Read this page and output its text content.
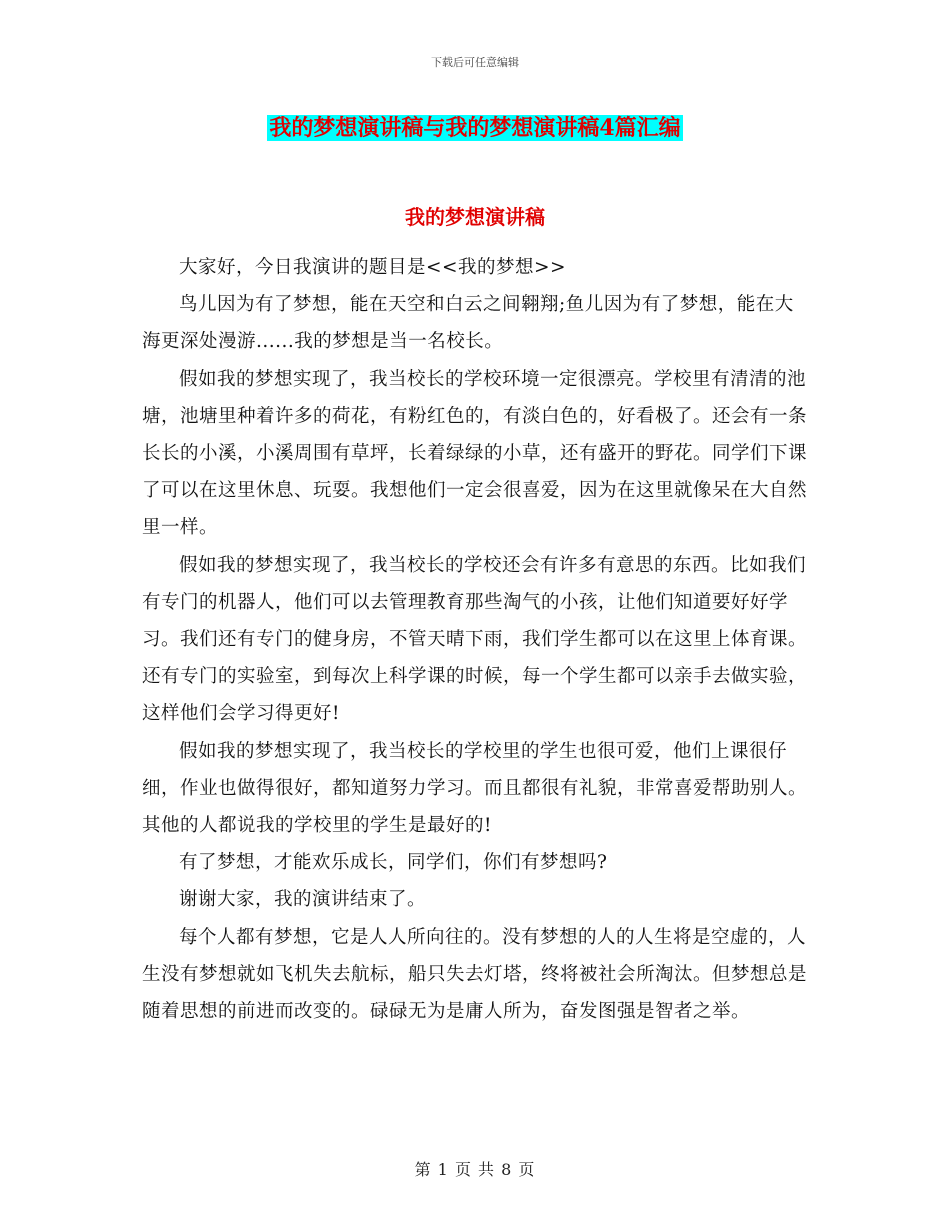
下载后可任意编辑
我的梦想演讲稿与我的梦想演讲稿4篇汇编
我的梦想演讲稿

大家好，今日我演讲的题目是<<我的梦想>>

鸟儿因为有了梦想，能在天空和白云之间翱翔;鱼儿因为有了梦想，能在大海更深处漫游......我的梦想是当一名校长。

假如我的梦想实现了，我当校长的学校环境一定很漂亮。学校里有清清的池塘，池塘里种着许多的荷花，有粉红色的，有淡白色的，好看极了。还会有一条长长的小溪，小溪周围有草坪，长着绿绿的小草，还有盛开的野花。同学们下课了可以在这里休息、玩耍。我想他们一定会很喜爱，因为在这里就像呆在大自然里一样。

假如我的梦想实现了，我当校长的学校还会有许多有意思的东西。比如我们有专门的机器人，他们可以去管理教育那些淘气的小孩，让他们知道要好好学习。我们还有专门的健身房，不管天晴下雨，我们学生都可以在这里上体育课。还有专门的实验室，到每次上科学课的时候，每一个学生都可以亲手去做实验，这样他们会学习得更好!

假如我的梦想实现了，我当校长的学校里的学生也很可爱，他们上课很仔细，作业也做得很好，都知道努力学习。而且都很有礼貌，非常喜爱帮助别人。其他的人都说我的学校里的学生是最好的!

有了梦想，才能欢乐成长，同学们，你们有梦想吗?

谢谢大家，我的演讲结束了。

每个人都有梦想，它是人人所向往的。没有梦想的人的人生将是空虚的，人生没有梦想就如飞机失去航标，船只失去灯塔，终将被社会所淘汰。但梦想总是随着思想的前进而改变的。碌碌无为是庸人所为，奋发图强是智者之举。

第 1 页 共 8 页
